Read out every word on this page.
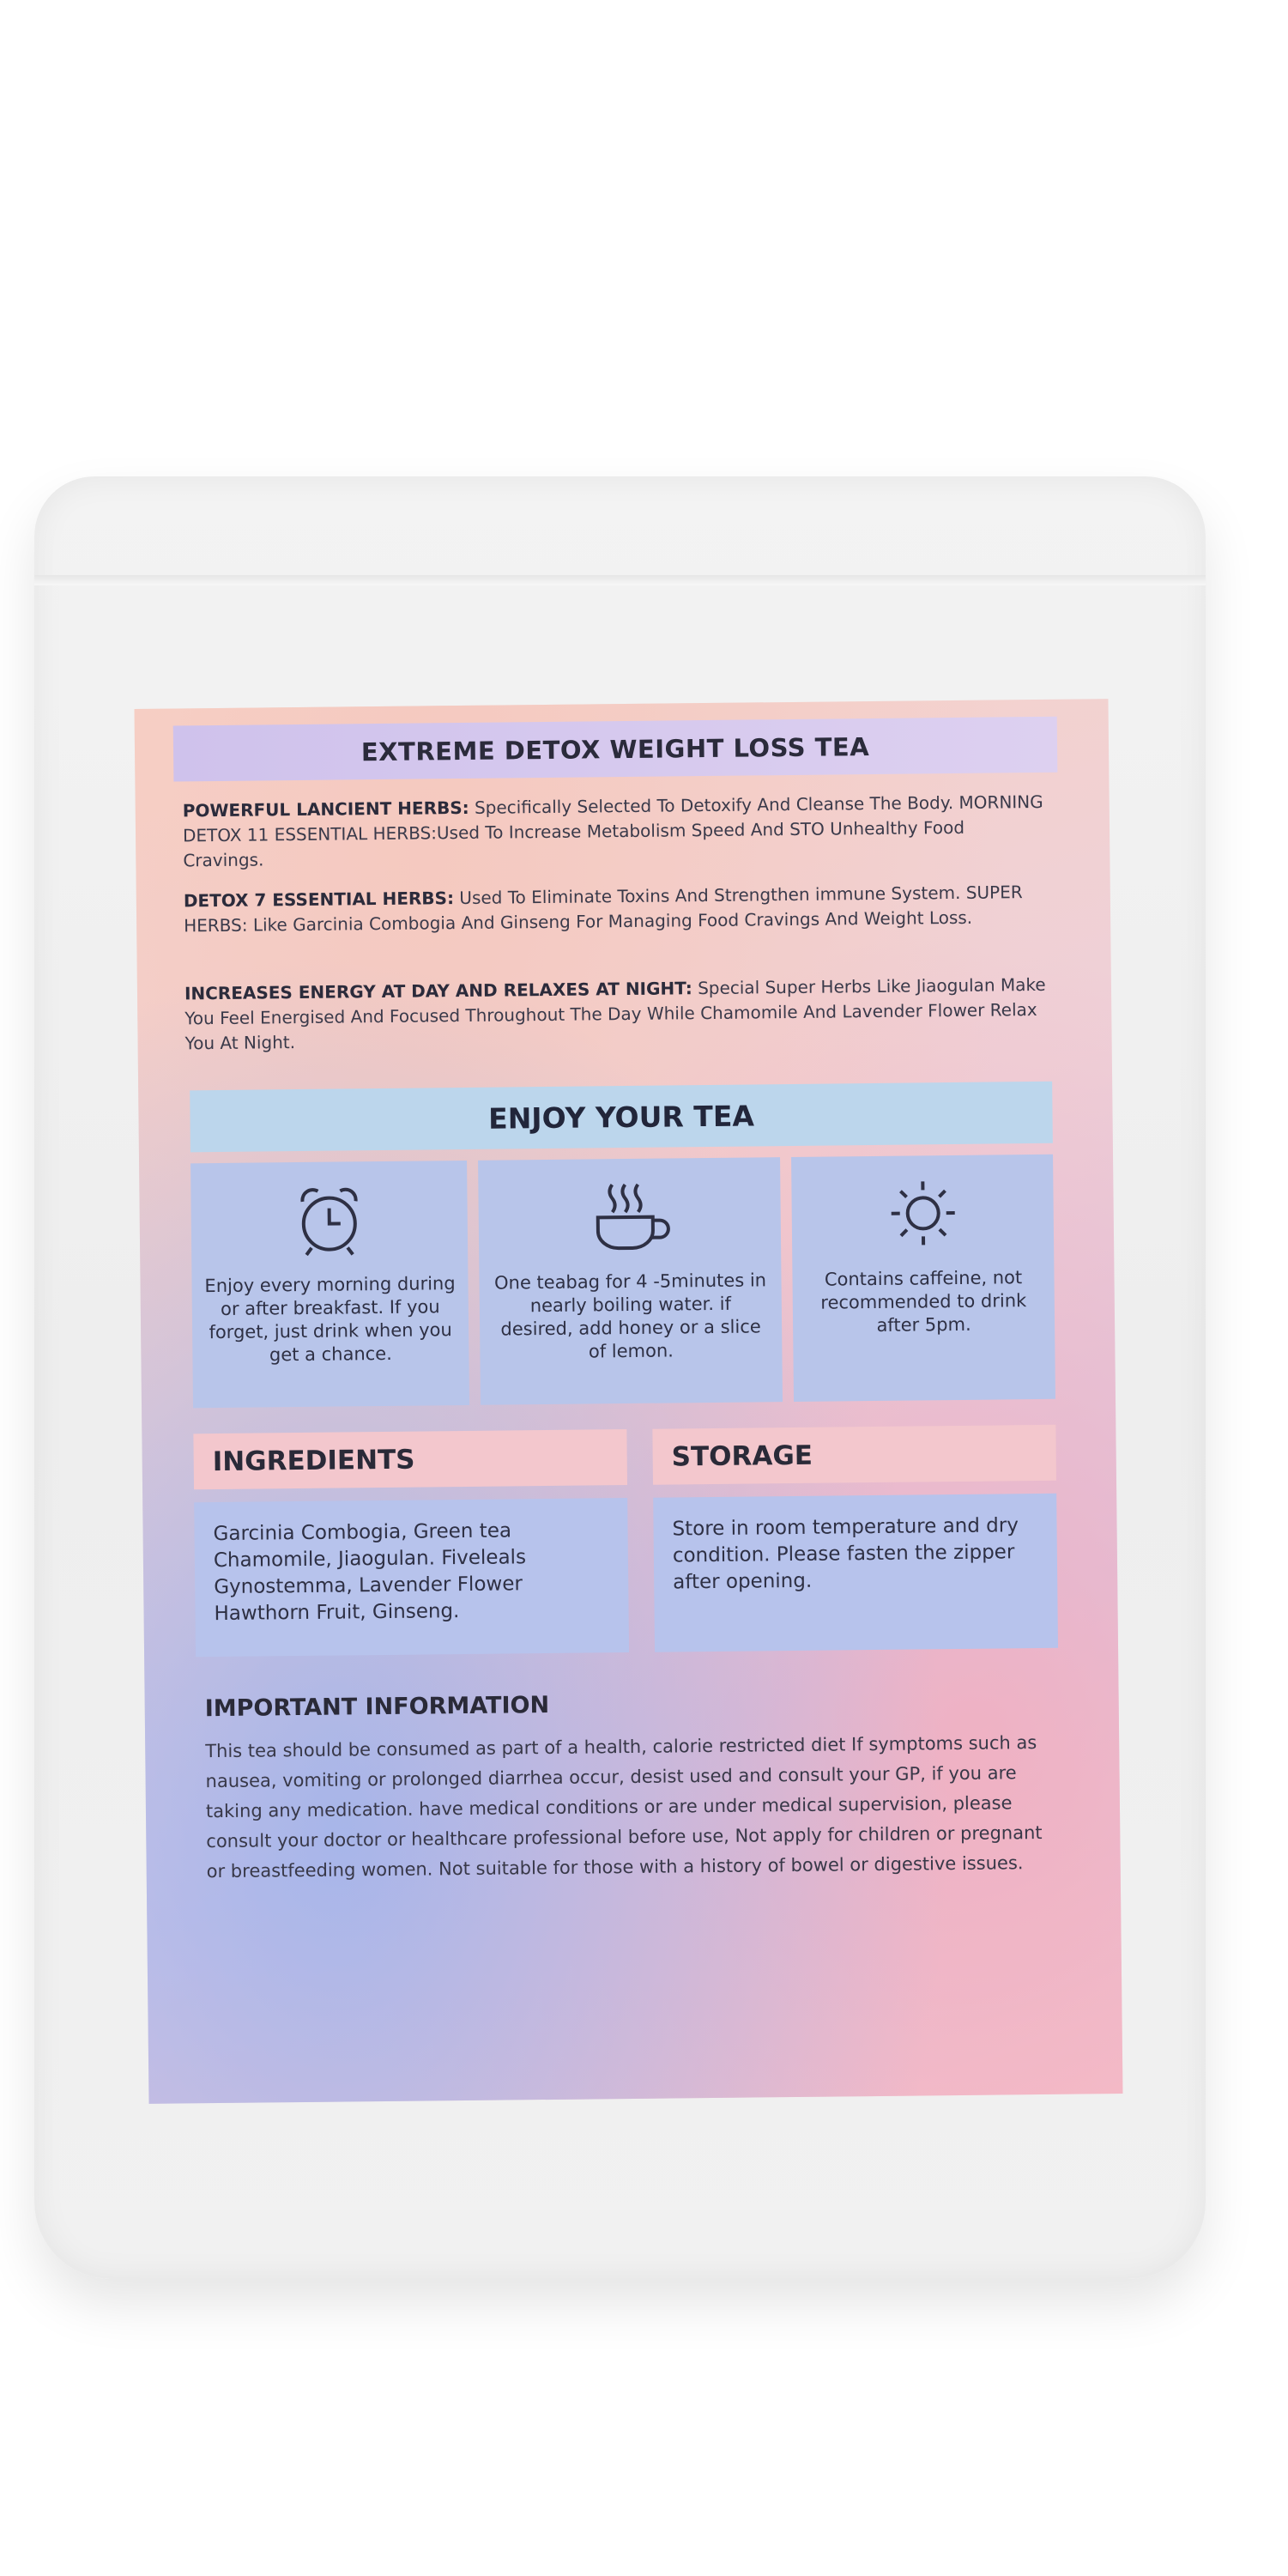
EXTREME DETOX WEIGHT LOSS TEA
POWERFUL LANCIENT HERBS: Specifically Selected To Detoxify And Cleanse The Body. MORNING DETOX 11 ESSENTIAL HERBS:Used To Increase Metabolism Speed And STO Unhealthy Food Cravings.
DETOX 7 ESSENTIAL HERBS: Used To Eliminate Toxins And Strengthen immune System. SUPER HERBS: Like Garcinia Combogia And Ginseng For Managing Food Cravings And Weight Loss.
INCREASES ENERGY AT DAY AND RELAXES AT NIGHT: Special Super Herbs Like Jiaogulan Make You Feel Energised And Focused Throughout The Day While Chamomile And Lavender Flower Relax You At Night.
ENJOY YOUR TEA
Enjoy every morning during or after breakfast. If you forget, just drink when you get a chance.
One teabag for 4 -5minutes in nearly boiling water. if desired, add honey or a slice of lemon.
Contains caffeine, not recommended to drink after 5pm.
INGREDIENTS	STORAGE
Garcinia Combogia, Green tea Chamomile, Jiaogulan. Fiveleals Gynostemma, Lavender Flower Hawthorn Fruit, Ginseng.
Store in room temperature and dry condition. Please fasten the zipper after opening.
IMPORTANT INFORMATION
This tea should be consumed as part of a health, calorie restricted diet If symptoms such as nausea, vomiting or prolonged diarrhea occur, desist used and consult your GP, if you are taking any medication. have medical conditions or are under medical supervision, please consult your doctor or healthcare professional before use, Not apply for children or pregnant or breastfeeding women. Not suitable for those with a history of bowel or digestive issues.
